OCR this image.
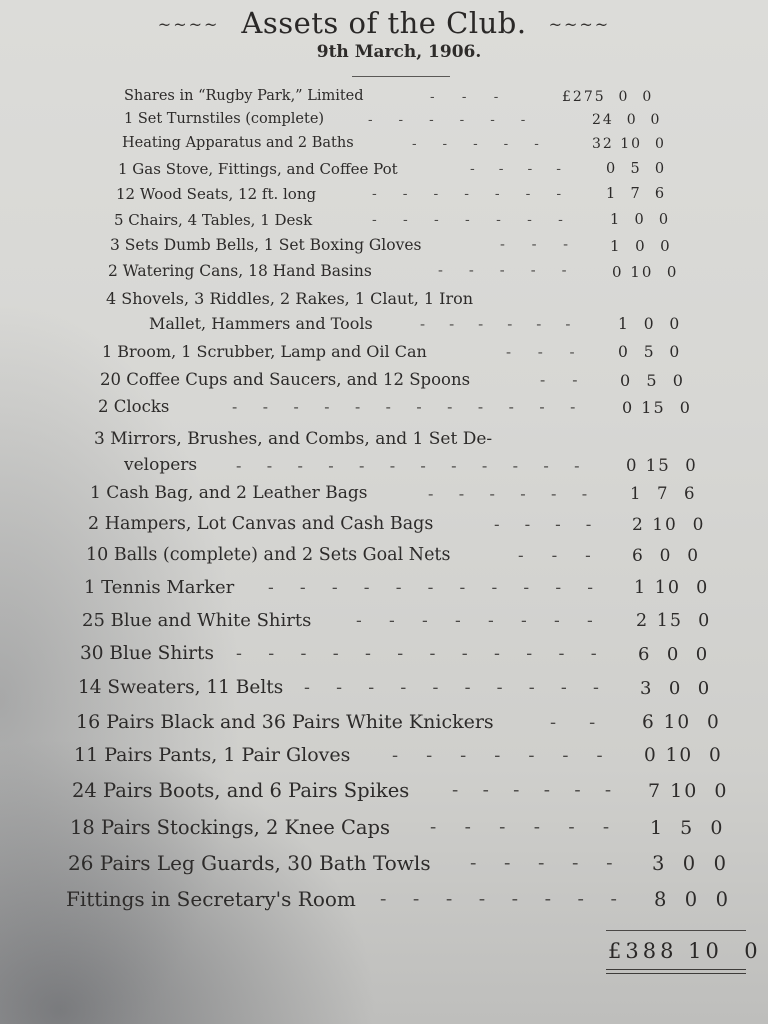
~~~~ Assets of the Club. ~~~~
9th March, 1906.
Shares in “Rugby Park,” Limited	---	£275  0  0
1 Set Turnstiles (complete)	------	24  0  0
Heating Apparatus and 2 Baths	----- 32 10  0
1 Gas Stove, Fittings, and Coffee Pot	---- 0  5  0
12 Wood Seats, 12 ft. long	------- 1  7  6
5 Chairs, 4 Tables, 1 Desk	------- 1  0  0
3 Sets Dumb Bells, 1 Set Boxing Gloves	--- 1  0  0
2 Watering Cans, 18 Hand Basins	----- 0 10  0
4 Shovels, 3 Riddles, 2 Rakes, 1 Claut, 1 Iron
Mallet, Hammers and Tools	------ 1  0  0
1 Broom, 1 Scrubber, Lamp and Oil Can	--- 0  5  0
20 Coffee Cups and Saucers, and 12 Spoons	-- 0  5  0
2 Clocks	------------ 0 15  0
3 Mirrors, Brushes, and Combs, and 1 Set De-
velopers ------------ 0 15  0
1 Cash Bag, and 2 Leather Bags	------ 1  7  6
2 Hampers, Lot Canvas and Cash Bags	---- 2 10  0
10 Balls (complete) and 2 Sets Goal Nets	--- 6  0  0
1 Tennis Marker ----------- 1 10  0
25 Blue and White Shirts	-------- 2 15  0
30 Blue Shirts ------------ 6  0  0
14 Sweaters, 11 Belts ---------- 3  0  0
16 Pairs Black and 36 Pairs White Knickers	-- 6 10  0
11 Pairs Pants, 1 Pair Gloves ------- 0 10  0
24 Pairs Boots, and 6 Pairs Spikes ------ 7 10  0
18 Pairs Stockings, 2 Knee Caps ------ 1  5  0
26 Pairs Leg Guards, 30 Bath Towls ----- 3  0  0
Fittings in Secretary's Room -------- 8  0  0
£388 10  0
